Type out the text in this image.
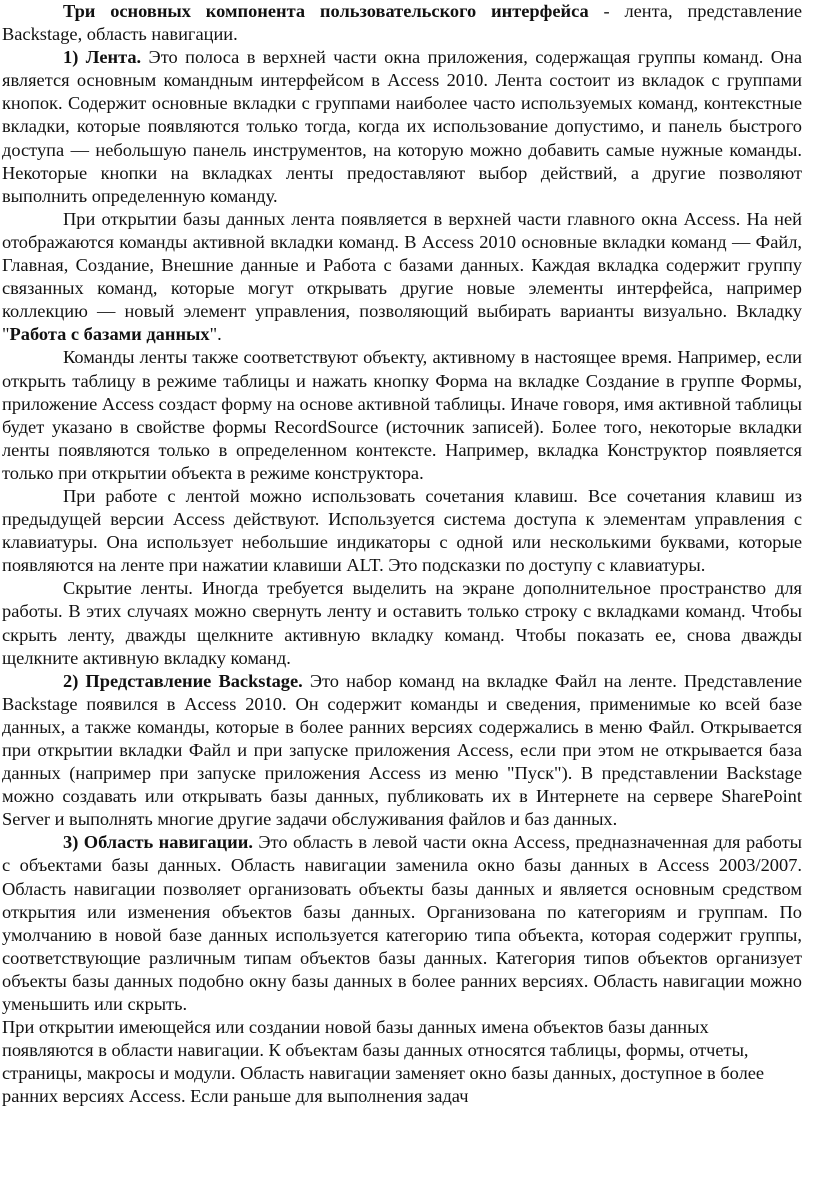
Три основных компонента пользовательского интерфейса - лента, представление Backstage, область навигации.

1) Лента. Это полоса в верхней части окна приложения, содержащая группы команд. Она является основным командным интерфейсом в Access 2010. Лента состоит из вкладок с группами кнопок. Содержит основные вкладки с группами наиболее часто используемых команд, контекстные вкладки, которые появляются только тогда, когда их использование допустимо, и панель быстрого доступа — небольшую панель инструментов, на которую можно добавить самые нужные команды. Некоторые кнопки на вкладках ленты предоставляют выбор действий, а другие позволяют выполнить определенную команду.

При открытии базы данных лента появляется в верхней части главного окна Access. На ней отображаются команды активной вкладки команд. В Access 2010 основные вкладки команд — Файл, Главная, Создание, Внешние данные и Работа с базами данных. Каждая вкладка содержит группу связанных команд, которые могут открывать другие новые элементы интерфейса, например коллекцию — новый элемент управления, позволяющий выбирать варианты визуально. Вкладку "Работа с базами данных".

Команды ленты также соответствуют объекту, активному в настоящее время. Например, если открыть таблицу в режиме таблицы и нажать кнопку Форма на вкладке Создание в группе Формы, приложение Access создаст форму на основе активной таблицы. Иначе говоря, имя активной таблицы будет указано в свойстве формы RecordSource (источник записей). Более того, некоторые вкладки ленты появляются только в определенном контексте. Например, вкладка Конструктор появляется только при открытии объекта в режиме конструктора.

При работе с лентой можно использовать сочетания клавиш. Все сочетания клавиш из предыдущей версии Access действуют. Используется система доступа к элементам управления с клавиатуры. Она использует небольшие индикаторы с одной или несколькими буквами, которые появляются на ленте при нажатии клавиши ALT. Это подсказки по доступу с клавиатуры.

Скрытие ленты. Иногда требуется выделить на экране дополнительное пространство для работы. В этих случаях можно свернуть ленту и оставить только строку с вкладками команд. Чтобы скрыть ленту, дважды щелкните активную вкладку команд. Чтобы показать ее, снова дважды щелкните активную вкладку команд.

2) Представление Backstage. Это набор команд на вкладке Файл на ленте. Представление Backstage появился в Access 2010. Он содержит команды и сведения, применимые ко всей базе данных, а также команды, которые в более ранних версиях содержались в меню Файл. Открывается при открытии вкладки Файл и при запуске приложения Access, если при этом не открывается база данных (например при запуске приложения Access из меню "Пуск"). В представлении Backstage можно создавать или открывать базы данных, публиковать их в Интернете на сервере SharePoint Server и выполнять многие другие задачи обслуживания файлов и баз данных.

3) Область навигации. Это область в левой части окна Access, предназначенная для работы с объектами базы данных. Область навигации заменила окно базы данных в Access 2003/2007. Область навигации позволяет организовать объекты базы данных и является основным средством открытия или изменения объектов базы данных. Организована по категориям и группам. По умолчанию в новой базе данных используется категорию типа объекта, которая содержит группы, соответствующие различным типам объектов базы данных. Категория типов объектов организует объекты базы данных подобно окну базы данных в более ранних версиях. Область навигации можно уменьшить или скрыть.

При открытии имеющейся или создании новой базы данных имена объектов базы данных появляются в области навигации. К объектам базы данных относятся таблицы, формы, отчеты, страницы, макросы и модули. Область навигации заменяет окно базы данных, доступное в более ранних версиях Access. Если раньше для выполнения задач
